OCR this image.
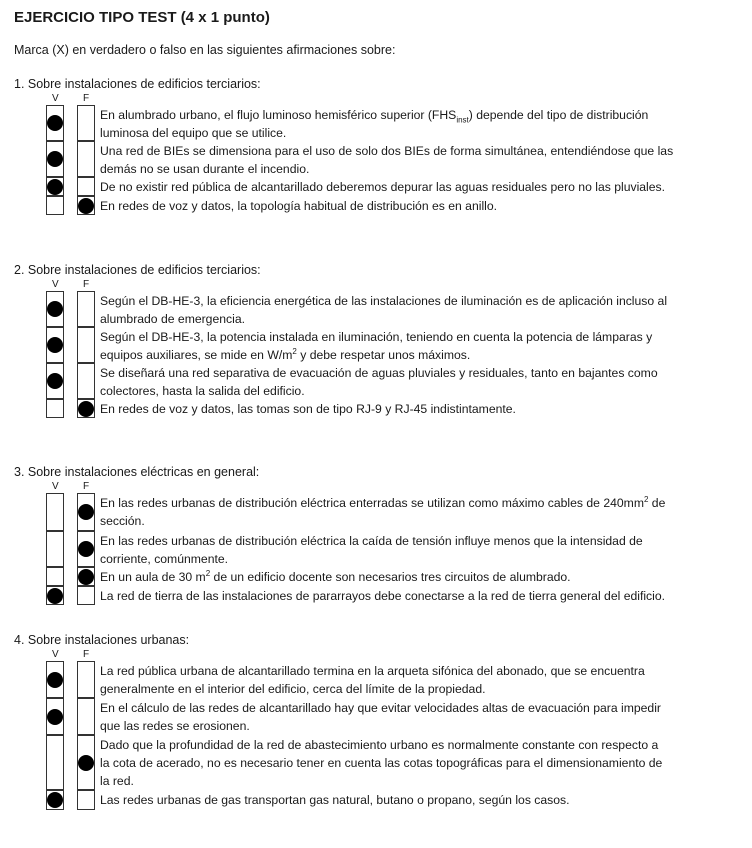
EJERCICIO TIPO TEST (4 x 1 punto)
Marca (X) en verdadero o falso en las siguientes afirmaciones sobre:
1. Sobre instalaciones de edificios terciarios:
V F
En alumbrado urbano, el flujo luminoso hemisférico superior $(FHS_{inst})$ depende del tipo de distribución
luminosa del equipo que se utilice.
Una red de BIEs se dimensiona para el uso de solo dos BIEs de forma simultánea, entendiéndose que las
demás no se usan durante el incendio.
De no existir red pública de alcantarillado deberemos depurar las aguas residuales pero no las pluviales.
En redes de voz y datos, la topología habitual de distribución es en anillo.
2. Sobre instalaciones de edificios terciarios:
V F
Según el DB-HE-3, la eficiencia energética de las instalaciones de iluminación es de aplicación incluso al
alumbrado de emergencia.
Según el DB-HE-3, la potencia instalada en iluminación, teniendo en cuenta la potencia de lámparas y
equipos auxiliares, se mide en $W/m^2$ y debe respetar unos máximos.
Se diseñará una red separativa de evacuación de aguas pluviales y residuales, tanto en bajantes como
colectores, hasta la salida del edificio.
En redes de voz y datos, las tomas son de tipo RJ-9 y RJ-45 indistintamente.
3. Sobre instalaciones eléctricas en general:
V F
En las redes urbanas de distribución eléctrica enterradas se utilizan como máximo cables de $240mm^2$ de
sección.
En las redes urbanas de distribución eléctrica la caída de tensión influye menos que la intensidad de
corriente, comúnmente.
En un aula de 30 $m^2$ de un edificio docente son necesarios tres circuitos de alumbrado.
La red de tierra de las instalaciones de pararrayos debe conectarse a la red de tierra general del edificio.
4. Sobre instalaciones urbanas:
V F
La red pública urbana de alcantarillado termina en la arqueta sifónica del abonado, que se encuentra
generalmente en el interior del edificio, cerca del límite de la propiedad.
En el cálculo de las redes de alcantarillado hay que evitar velocidades altas de evacuación para impedir
que las redes se erosionen.
Dado que la profundidad de la red de abastecimiento urbano es normalmente constante con respecto a
la cota de acerado, no es necesario tener en cuenta las cotas topográficas para el dimensionamiento de
la red.
Las redes urbanas de gas transportan gas natural, butano o propano, según los casos.
